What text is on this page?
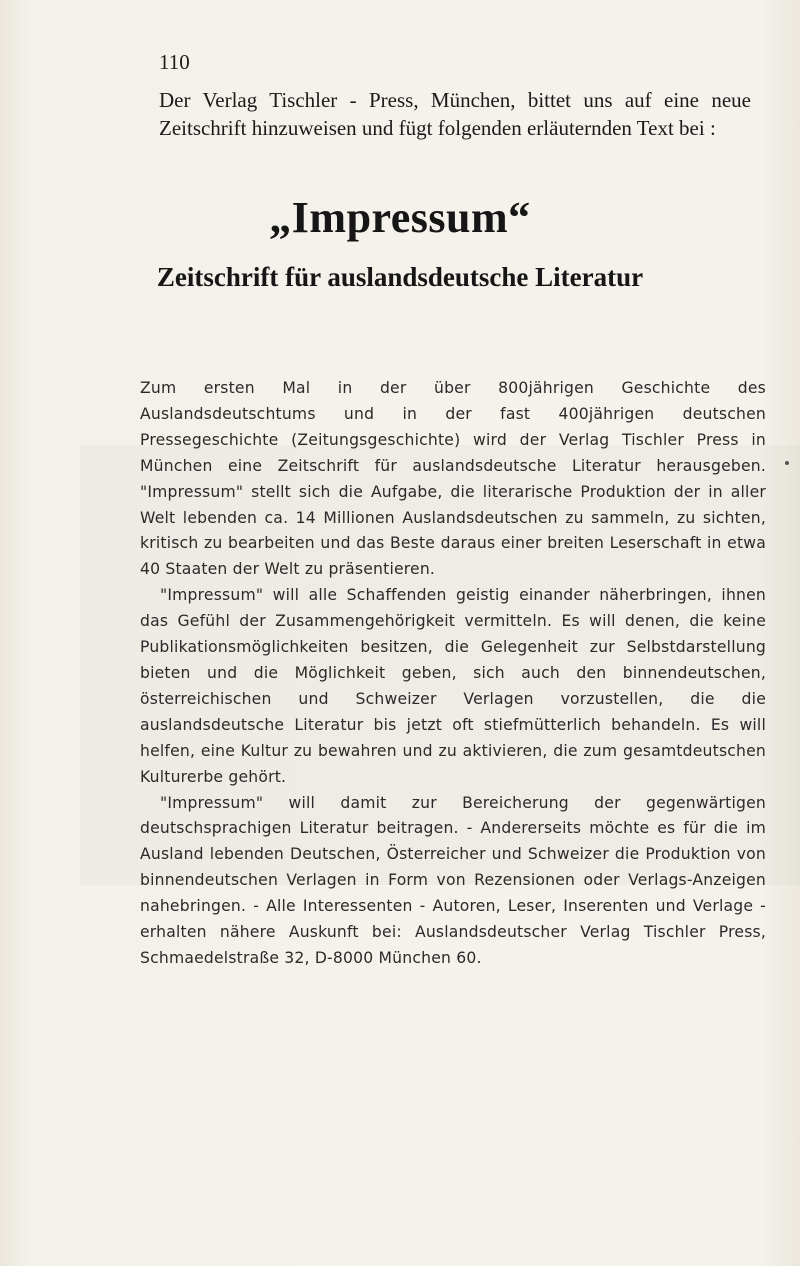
110
Der Verlag Tischler - Press, München, bittet uns auf eine neue Zeitschrift hinzuweisen und fügt folgenden erläuternden Text bei :
„Impressum“
Zeitschrift für auslandsdeutsche Literatur

Zum ersten Mal in der über 800jährigen Geschichte des Auslandsdeutschtums und in der fast 400jährigen deutschen Pressegeschichte (Zeitungsgeschichte) wird der Verlag Tischler Press in München eine Zeitschrift für auslandsdeutsche Literatur herausgeben. "Impressum" stellt sich die Aufgabe, die literarische Produktion der in aller Welt lebenden ca. 14 Millionen Auslandsdeutschen zu sammeln, zu sichten, kritisch zu bearbeiten und das Beste daraus einer breiten Leserschaft in etwa 40 Staaten der Welt zu präsentieren.

"Impressum" will alle Schaffenden geistig einander näherbringen, ihnen das Gefühl der Zusammengehörigkeit vermitteln. Es will denen, die keine Publikationsmöglichkeiten besitzen, die Gelegenheit zur Selbstdarstellung bieten und die Möglichkeit geben, sich auch den binnendeutschen, österreichischen und Schweizer Verlagen vorzustellen, die die auslandsdeutsche Literatur bis jetzt oft stiefmütterlich behandeln. Es will helfen, eine Kultur zu bewahren und zu aktivieren, die zum gesamtdeutschen Kulturerbe gehört.

"Impressum" will damit zur Bereicherung der gegenwärtigen deutschsprachigen Literatur beitragen. - Andererseits möchte es für die im Ausland lebenden Deutschen, Österreicher und Schweizer die Produktion von binnendeutschen Verlagen in Form von Rezensionen oder Verlags-Anzeigen nahebringen. - Alle Interessenten - Autoren, Leser, Inserenten und Verlage - erhalten nähere Auskunft bei: Auslandsdeutscher Verlag Tischler Press, Schmaedelstraße 32, D-8000 München 60.
